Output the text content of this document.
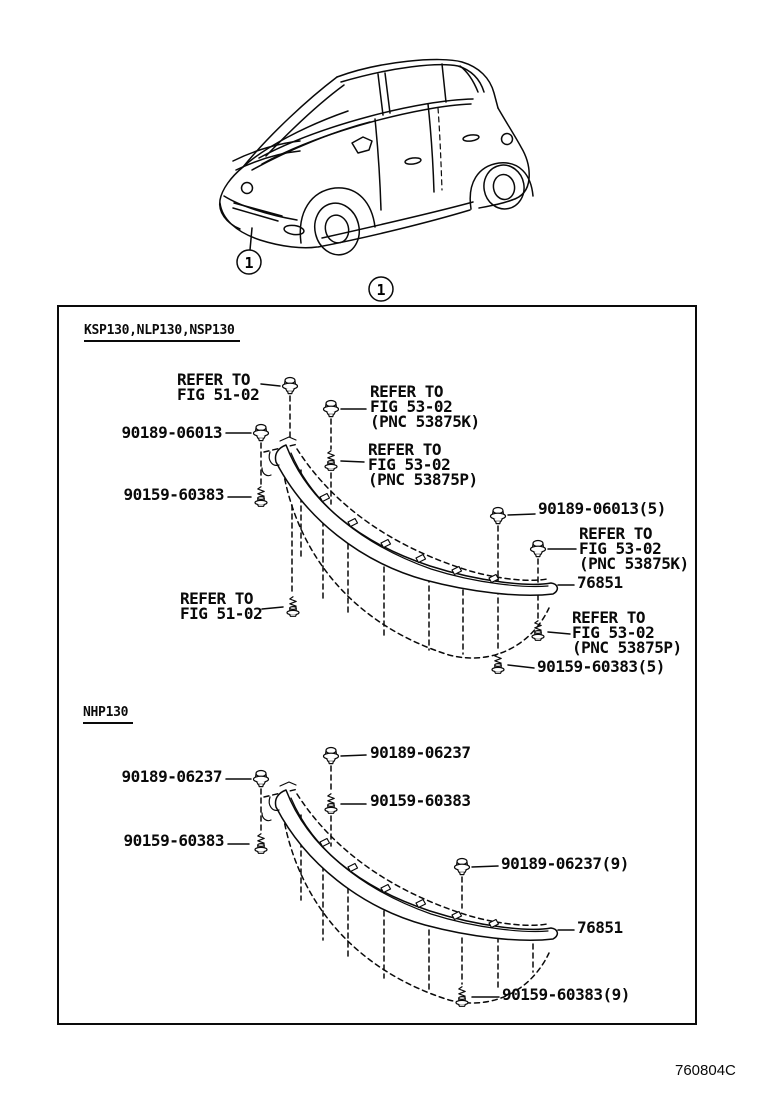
1
1
KSP130,NLP130,NSP130
NHP130
760804C
REFER TO
FIG 51-02	REFER TO
FIG 53-02
(PNC 53875K)
90189-06013
REFER TO
FIG 53-02
(PNC 53875P)
90159-60383
90189-06013(5)
REFER TO
FIG 53-02
(PNC 53875K)
76851
REFER TO
FIG 53-02
(PNC 53875P)
90159-60383(5)
REFER TO
FIG 51-02
90189-06237
90189-06237
90159-60383
90159-60383
90189-06237(9)
76851
90159-60383(9)
